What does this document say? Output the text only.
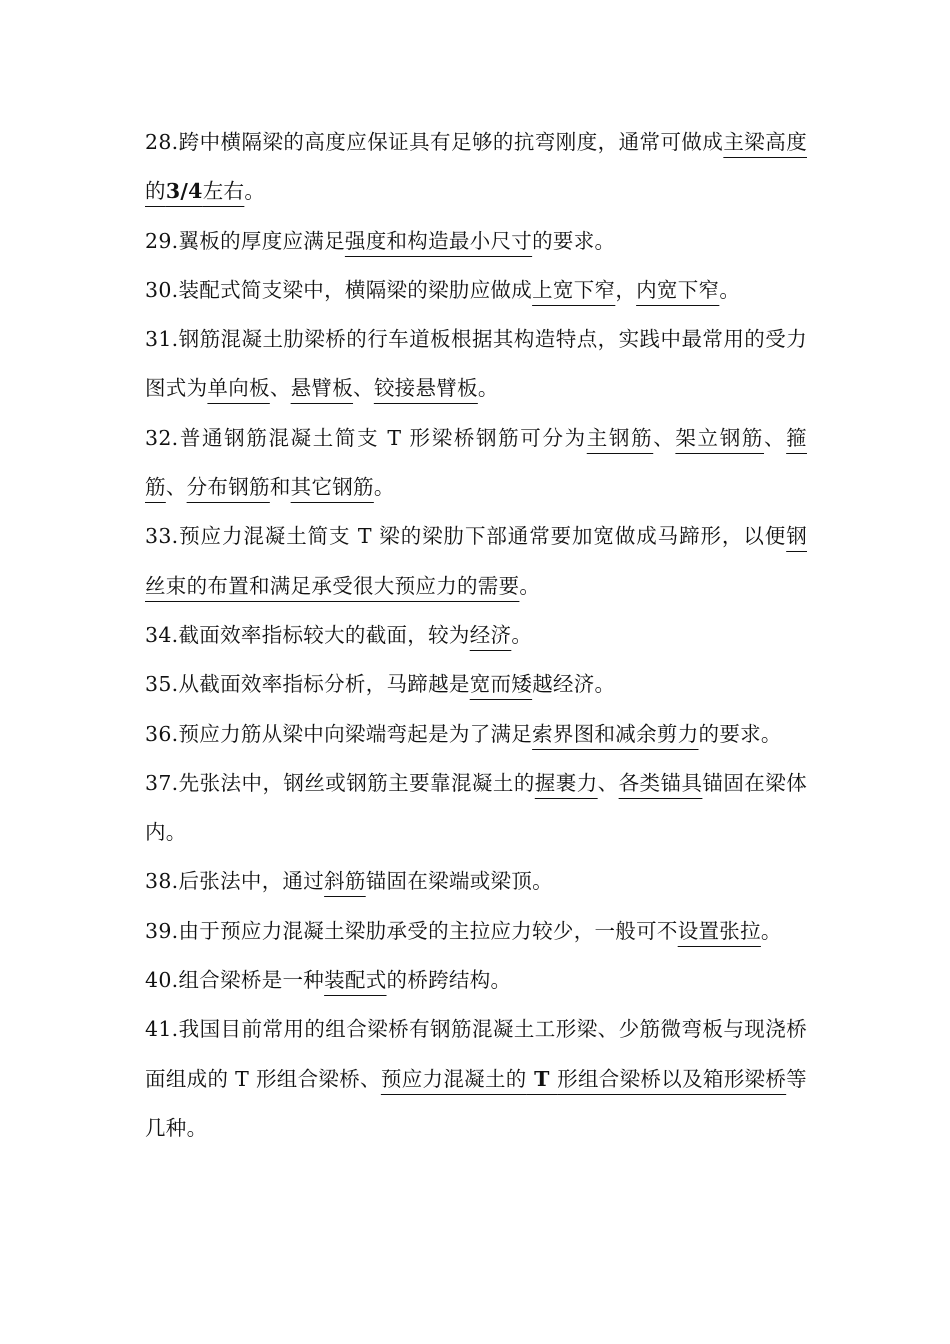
28.跨中横隔梁的高度应保证具有足够的抗弯刚度，通常可做成主梁高度的3/4左右。

29.翼板的厚度应满足强度和构造最小尺寸的要求。

30.装配式简支梁中，横隔梁的梁肋应做成上宽下窄，内宽下窄。

31.钢筋混凝土肋梁桥的行车道板根据其构造特点，实践中最常用的受力图式为单向板、悬臂板、铰接悬臂板。

32.普通钢筋混凝土简支 T 形梁桥钢筋可分为主钢筋、架立钢筋、箍筋、分布钢筋和其它钢筋。

33.预应力混凝土简支 T 梁的梁肋下部通常要加宽做成马蹄形，以便钢丝束的布置和满足承受很大预应力的需要。

34.截面效率指标较大的截面，较为经济。

35.从截面效率指标分析，马蹄越是宽而矮越经济。

36.预应力筋从梁中向梁端弯起是为了满足索界图和减余剪力的要求。

37.先张法中，钢丝或钢筋主要靠混凝土的握裹力、各类锚具锚固在梁体内。

38.后张法中，通过斜筋锚固在梁端或梁顶。

39.由于预应力混凝土梁肋承受的主拉应力较少，一般可不设置张拉。

40.组合梁桥是一种装配式的桥跨结构。

41.我国目前常用的组合梁桥有钢筋混凝土工形梁、少筋微弯板与现浇桥面组成的 T 形组合梁桥、预应力混凝土的 T 形组合梁桥以及箱形梁桥等几种。
